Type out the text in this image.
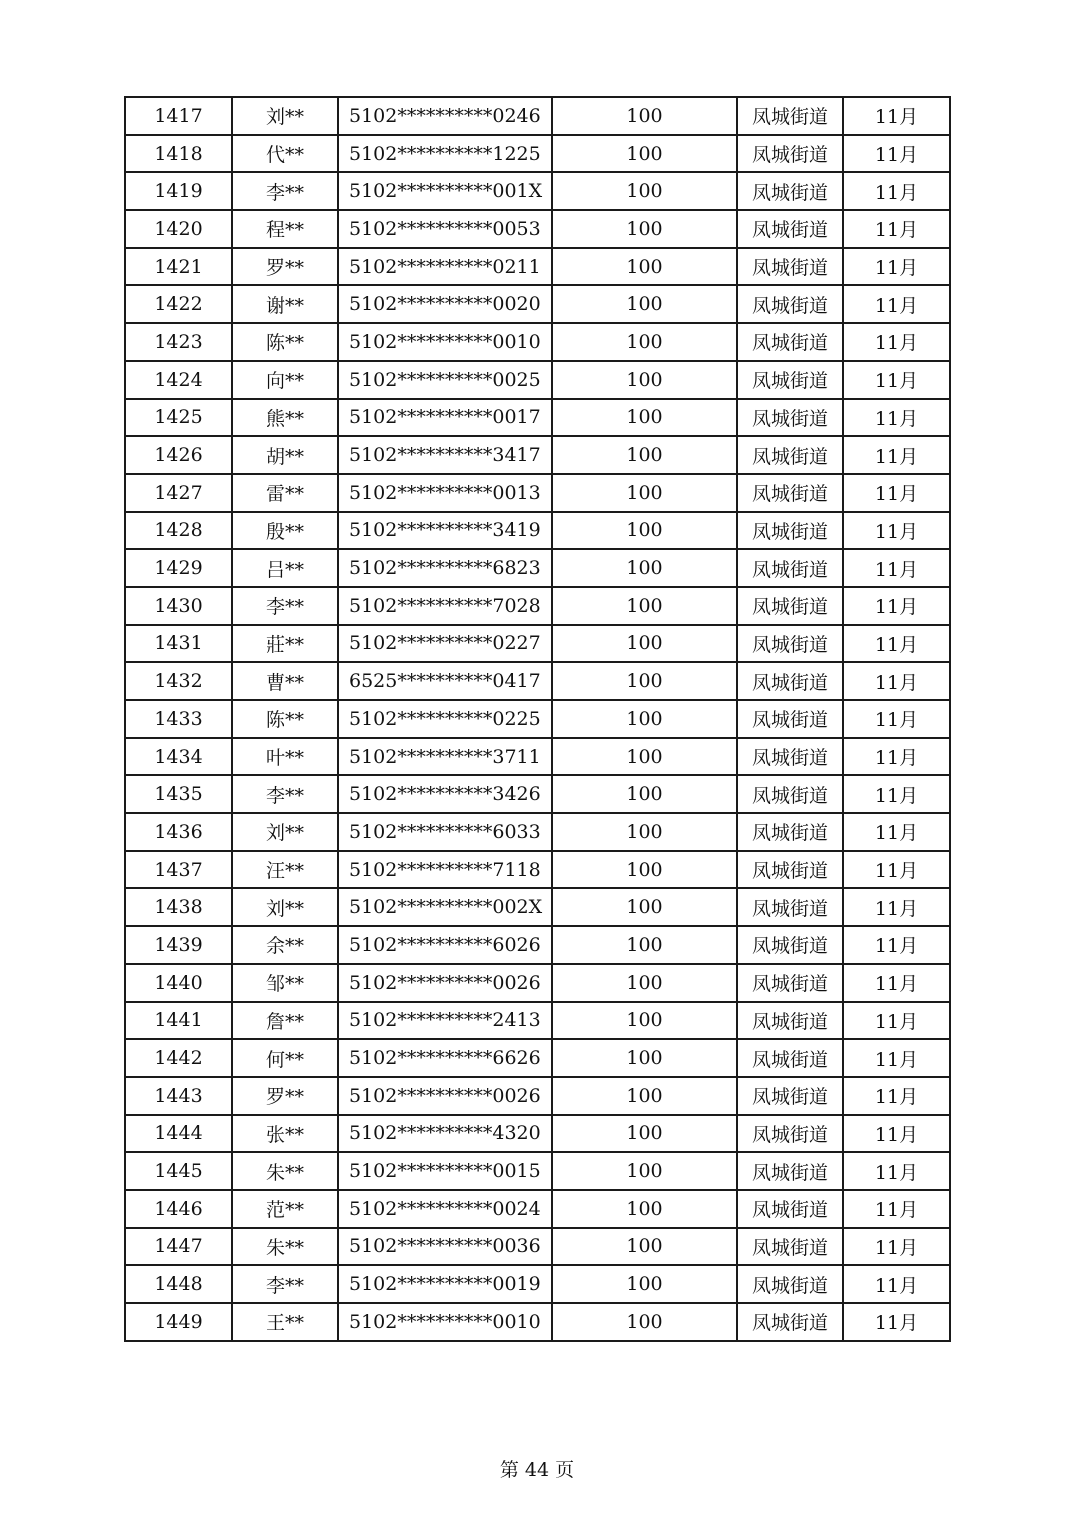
1417	刘**	5102**********0246	100	凤城街道	11月
1418	代**	5102**********1225	100	凤城街道	11月
1419	李**	5102**********001X	100	凤城街道	11月
1420	程**	5102**********0053	100	凤城街道	11月
1421	罗**	5102**********0211	100	凤城街道	11月
1422	谢**	5102**********0020	100	凤城街道	11月
1423	陈**	5102**********0010	100	凤城街道	11月
1424	向**	5102**********0025	100	凤城街道	11月
1425	熊**	5102**********0017	100	凤城街道	11月
1426	胡**	5102**********3417	100	凤城街道	11月
1427	雷**	5102**********0013	100	凤城街道	11月
1428	殷**	5102**********3419	100	凤城街道	11月
1429	吕**	5102**********6823	100	凤城街道	11月
1430	李**	5102**********7028	100	凤城街道	11月
1431	莊**	5102**********0227	100	凤城街道	11月
1432	曹**	6525**********0417	100	凤城街道	11月
1433	陈**	5102**********0225	100	凤城街道	11月
1434	叶**	5102**********3711	100	凤城街道	11月
1435	李**	5102**********3426	100	凤城街道	11月
1436	刘**	5102**********6033	100	凤城街道	11月
1437	汪**	5102**********7118	100	凤城街道	11月
1438	刘**	5102**********002X	100	凤城街道	11月
1439	余**	5102**********6026	100	凤城街道	11月
1440	邹**	5102**********0026	100	凤城街道	11月
1441	詹**	5102**********2413	100	凤城街道	11月
1442	何**	5102**********6626	100	凤城街道	11月
1443	罗**	5102**********0026	100	凤城街道	11月
1444	张**	5102**********4320	100	凤城街道	11月
1445	朱**	5102**********0015	100	凤城街道	11月
1446	范**	5102**********0024	100	凤城街道	11月
1447	朱**	5102**********0036	100	凤城街道	11月
1448	李**	5102**********0019	100	凤城街道	11月
1449	王**	5102**********0010	100	凤城街道	11月
第 44 页
